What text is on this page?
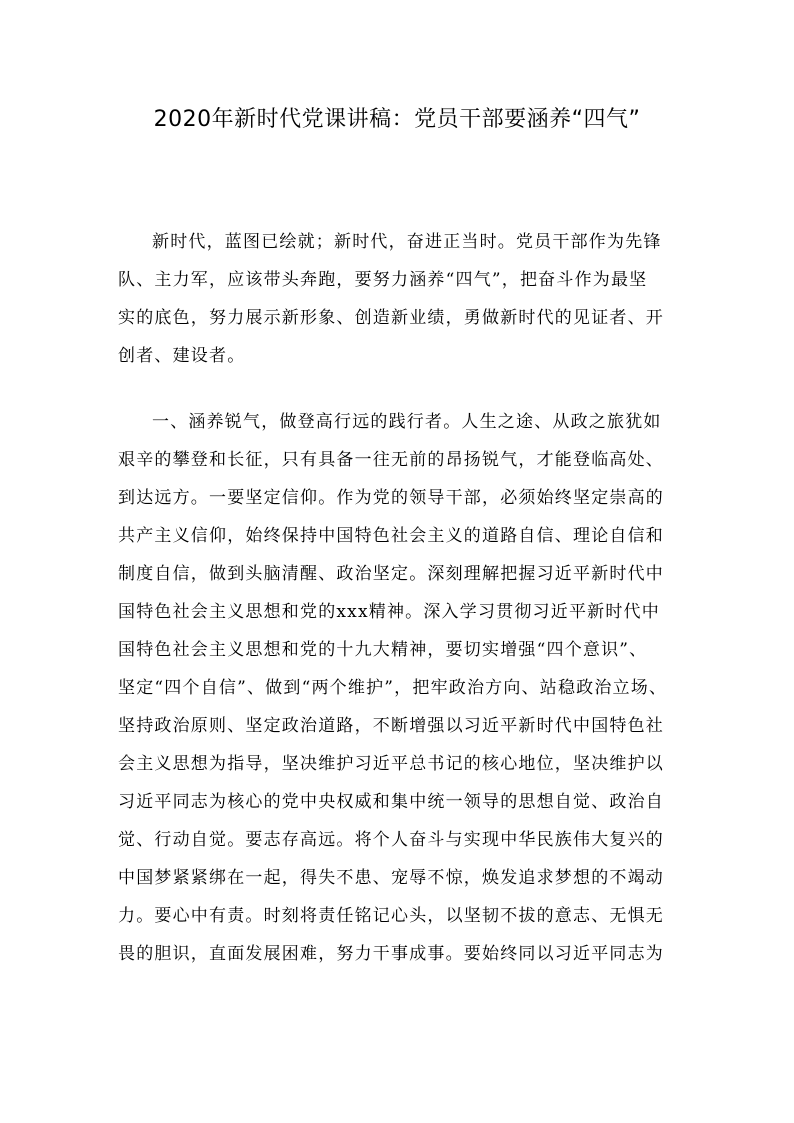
2020年新时代党课讲稿：党员干部要涵养“四气”
新时代，蓝图已绘就；新时代，奋进正当时。党员干部作为先锋
队、主力军，应该带头奔跑，要努力涵养“四气”，把奋斗作为最坚
实的底色，努力展示新形象、创造新业绩，勇做新时代的见证者、开
创者、建设者。
一、涵养锐气，做登高行远的践行者。人生之途、从政之旅犹如
艰辛的攀登和长征，只有具备一往无前的昂扬锐气，才能登临高处、
到达远方。一要坚定信仰。作为党的领导干部，必须始终坚定崇高的
共产主义信仰，始终保持中国特色社会主义的道路自信、理论自信和
制度自信，做到头脑清醒、政治坚定。深刻理解把握习近平新时代中
国特色社会主义思想和党的xxx精神。深入学习贯彻习近平新时代中
国特色社会主义思想和党的十九大精神，要切实增强“四个意识”、
坚定“四个自信”、做到“两个维护”，把牢政治方向、站稳政治立场、
坚持政治原则、坚定政治道路，不断增强以习近平新时代中国特色社
会主义思想为指导，坚决维护习近平总书记的核心地位，坚决维护以
习近平同志为核心的党中央权威和集中统一领导的思想自觉、政治自
觉、行动自觉。要志存高远。将个人奋斗与实现中华民族伟大复兴的
中国梦紧紧绑在一起，得失不患、宠辱不惊，焕发追求梦想的不竭动
力。要心中有责。时刻将责任铭记心头，以坚韧不拔的意志、无惧无
畏的胆识，直面发展困难，努力干事成事。要始终同以习近平同志为
